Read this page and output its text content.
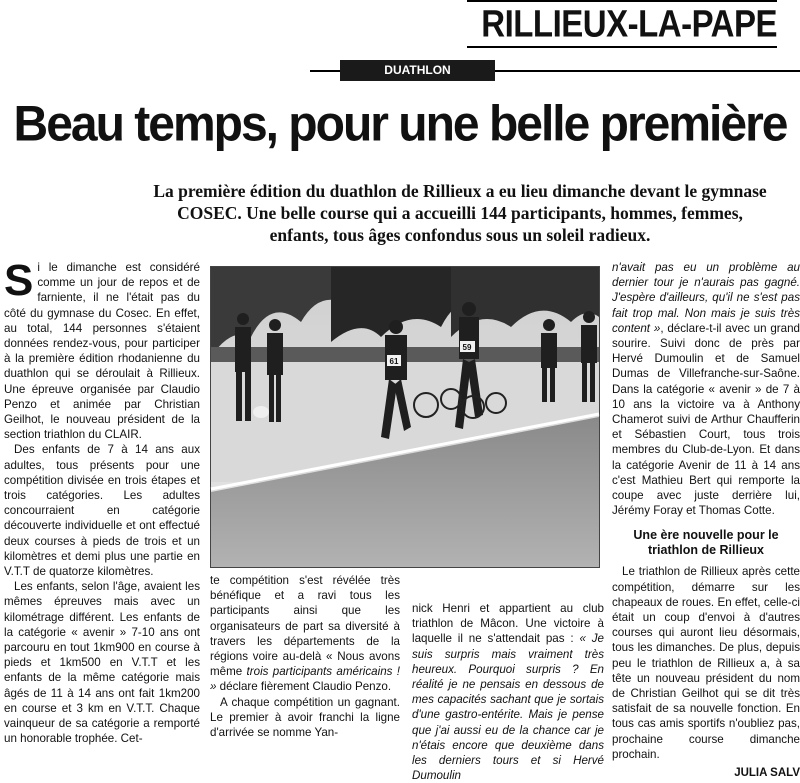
RILLIEUX-LA-PAPE
DUATHLON
Beau temps, pour une belle première
La première édition du duathlon de Rillieux a eu lieu dimanche devant le gymnase COSEC. Une belle course qui a accueilli 144 participants, hommes, femmes, enfants, tous âges confondus sous un soleil radieux.
S i le dimanche est considéré comme un jour de repos et de farniente, il ne l'était pas du côté du gymnase du Cosec. En effet, au total, 144 personnes s'étaient données rendez-vous, pour participer à la première édition rhodanienne du duathlon qui se déroulait à Rillieux. Une épreuve organisée par Claudio Penzo et animée par Christian Geilhot, le nouveau président de la section triathlon du CLAIR.

Des enfants de 7 à 14 ans aux adultes, tous présents pour une compétition divisée en trois étapes et trois catégories. Les adultes concourraient en catégorie découverte individuelle et ont effectué deux courses à pieds de trois et un kilomètres et demi plus une partie en V.T.T de quatorze kilomètres.

Les enfants, selon l'âge, avaient les mêmes épreuves mais avec un kilométrage différent. Les enfants de la catégorie « avenir » 7-10 ans ont parcouru en tout 1km900 en course à pieds et 1km500 en V.T.T et les enfants de la même catégorie mais âgés de 11 à 14 ans ont fait 1km200 en course et 3 km en V.T.T. Chaque vainqueur de sa catégorie a remporté un honorable trophée. Cet-

61
59

te compétition s'est révélée très bénéfique et a ravi tous les participants ainsi que les organisateurs de part sa diversité à travers les départements de la régions voire au-delà « Nous avons même trois participants américains ! » déclare fièrement Claudio Penzo.

A chaque compétition un gagnant. Le premier à avoir franchi la ligne d'arrivée se nomme Yan-

nick Henri et appartient au club triathlon de Mâcon. Une victoire à laquelle il ne s'attendait pas : « Je suis surpris mais vraiment très heureux. Pourquoi surpris ? En réalité je ne pensais en dessous de mes capacités sachant que je sortais d'une gastro-entérite. Mais je pense que j'ai aussi eu de la chance car je n'étais encore que deuxième dans les derniers tours et si Hervé Dumoulin

n'avait pas eu un problème au dernier tour je n'aurais pas gagné. J'espère d'ailleurs, qu'il ne s'est pas fait trop mal. Non mais je suis très content », déclare-t-il avec un grand sourire. Suivi donc de près par Hervé Dumoulin et de Samuel Dumas de Villefranche-sur-Saône. Dans la catégorie « avenir » de 7 à 10 ans la victoire va à Anthony Chamerot suivi de Arthur Chaufferin et Sébastien Court, tous trois membres du Club-de-Lyon. Et dans la catégorie Avenir de 11 à 14 ans c'est Mathieu Bert qui remporte la coupe avec juste derrière lui, Jérémy Foray et Thomas Cotte.

Une ère nouvelle pour le triathlon de Rillieux

Le triathlon de Rillieux après cette compétition, démarre sur les chapeaux de roues. En effet, celle-ci était un coup d'envoi à d'autres courses qui auront lieu désormais, tous les dimanches. De plus, depuis peu le triathlon de Rillieux a, à sa tête un nouveau président du nom de Christian Geilhot qui se dit très satisfait de sa nouvelle fonction. En tous cas amis sportifs n'oubliez pas, prochaine course dimanche prochain.

JULIA SALV
